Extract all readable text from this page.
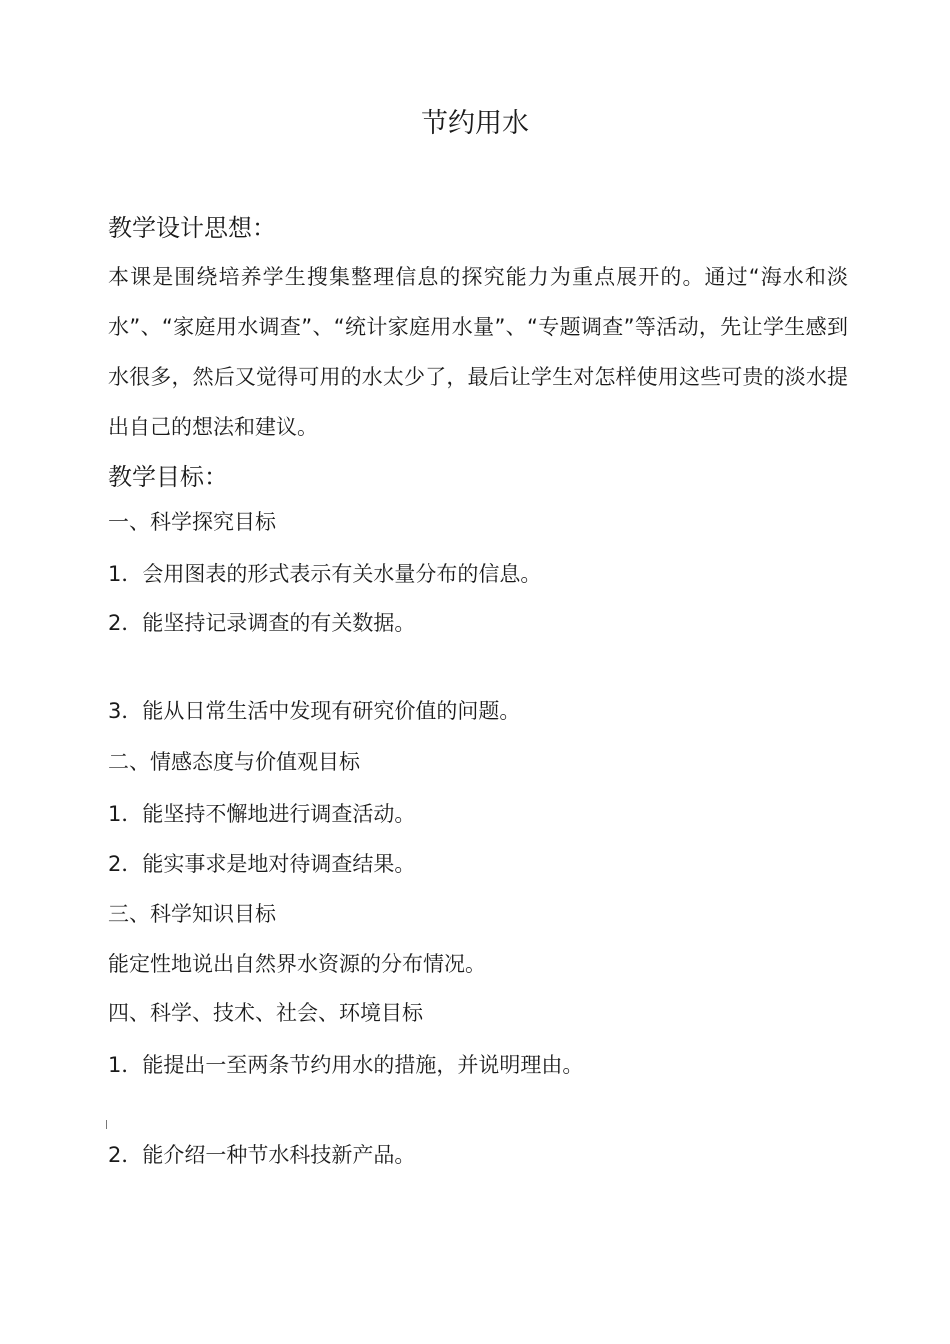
节约用水
教学设计思想：

本课是围绕培养学生搜集整理信息的探究能力为重点展开的。通过“海水和淡水”、“家庭用水调查”、“统计家庭用水量”、“专题调查”等活动，先让学生感到水很多，然后又觉得可用的水太少了，最后让学生对怎样使用这些可贵的淡水提出自己的想法和建议。

教学目标：

一、科学探究目标

1．会用图表的形式表示有关水量分布的信息。

2．能坚持记录调查的有关数据。

3．能从日常生活中发现有研究价值的问题。

二、情感态度与价值观目标

1．能坚持不懈地进行调查活动。

2．能实事求是地对待调查结果。

三、科学知识目标

能定性地说出自然界水资源的分布情况。

四、科学、技术、社会、环境目标

1．能提出一至两条节约用水的措施，并说明理由。

2．能介绍一种节水科技新产品。
